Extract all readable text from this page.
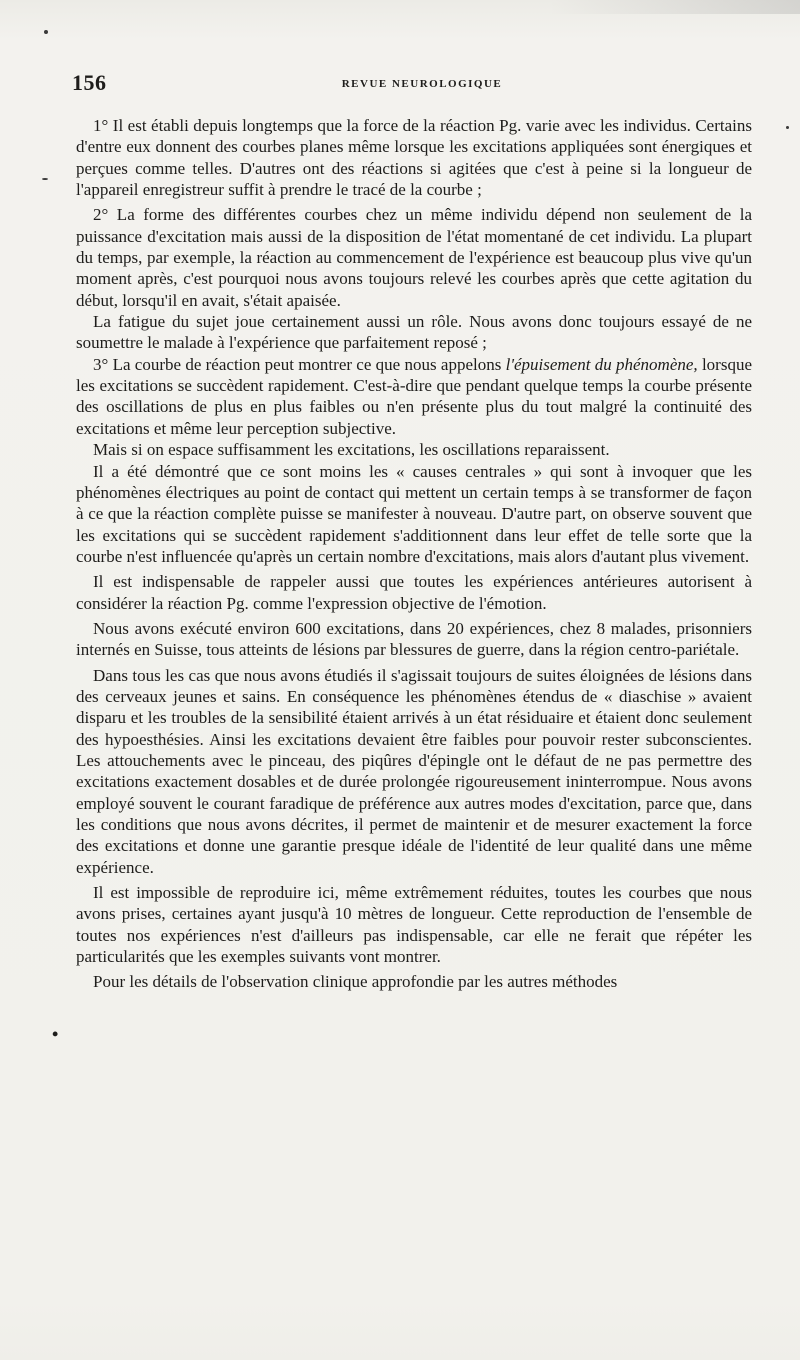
156	REVUE NEUROLOGIQUE
•

1° Il est établi depuis longtemps que la force de la réaction Pg. varie avec les individus. Certains d'entre eux donnent des courbes planes même lorsque les excitations appliquées sont énergiques et perçues comme telles. D'autres ont des réactions si agitées que c'est à peine si la longueur de l'appareil enregistreur suffit à prendre le tracé de la courbe ;

2° La forme des différentes courbes chez un même individu dépend non seulement de la puissance d'excitation mais aussi de la disposition de l'état momentané de cet individu. La plupart du temps, par exemple, la réaction au commencement de l'expérience est beaucoup plus vive qu'un moment après, c'est pourquoi nous avons toujours relevé les courbes après que cette agitation du début, lorsqu'il en avait, s'était apaisée.

La fatigue du sujet joue certainement aussi un rôle. Nous avons donc toujours essayé de ne soumettre le malade à l'expérience que parfaitement reposé ;

3° La courbe de réaction peut montrer ce que nous appelons l'épuisement du phénomène, lorsque les excitations se succèdent rapidement. C'est-à-dire que pendant quelque temps la courbe présente des oscillations de plus en plus faibles ou n'en présente plus du tout malgré la continuité des excitations et même leur perception subjective.

Mais si on espace suffisamment les excitations, les oscillations reparaissent.

Il a été démontré que ce sont moins les « causes centrales » qui sont à invoquer que les phénomènes électriques au point de contact qui mettent un certain temps à se transformer de façon à ce que la réaction complète puisse se manifester à nouveau. D'autre part, on observe souvent que les excitations qui se succèdent rapidement s'additionnent dans leur effet de telle sorte que la courbe n'est influencée qu'après un certain nombre d'excitations, mais alors d'autant plus vivement.

Il est indispensable de rappeler aussi que toutes les expériences antérieures autorisent à considérer la réaction Pg. comme l'expression objective de l'émotion.

Nous avons exécuté environ 600 excitations, dans 20 expériences, chez 8 malades, prisonniers internés en Suisse, tous atteints de lésions par blessures de guerre, dans la région centro-pariétale.

Dans tous les cas que nous avons étudiés il s'agissait toujours de suites éloignées de lésions dans des cerveaux jeunes et sains. En conséquence les phénomènes étendus de « diaschise » avaient disparu et les troubles de la sensibilité étaient arrivés à un état résiduaire et étaient donc seulement des hypoesthésies. Ainsi les excitations devaient être faibles pour pouvoir rester subconscientes. Les attouchements avec le pinceau, des piqûres d'épingle ont le défaut de ne pas permettre des excitations exactement dosables et de durée prolongée rigoureusement ininterrompue. Nous avons employé souvent le courant faradique de préférence aux autres modes d'excitation, parce que, dans les conditions que nous avons décrites, il permet de maintenir et de mesurer exactement la force des excitations et donne une garantie presque idéale de l'identité de leur qualité dans une même expérience.

Il est impossible de reproduire ici, même extrêmement réduites, toutes les courbes que nous avons prises, certaines ayant jusqu'à 10 mètres de longueur. Cette reproduction de l'ensemble de toutes nos expériences n'est d'ailleurs pas indispensable, car elle ne ferait que répéter les particularités que les exemples suivants vont montrer.

Pour les détails de l'observation clinique approfondie par les autres méthodes
